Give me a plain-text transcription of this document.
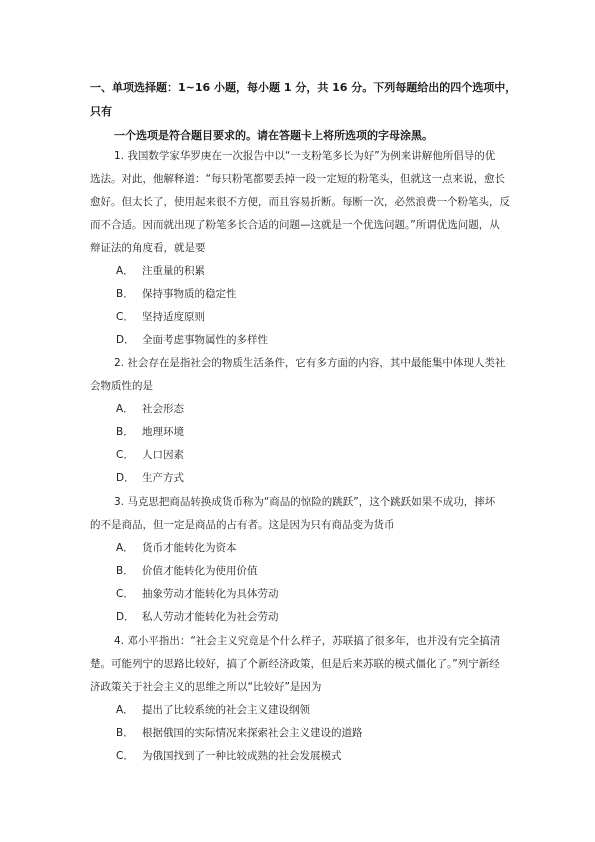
一、单项选择题：1~16 小题，每小题 1 分，共 16 分。下列每题给出的四个选项中，只有
一个选项是符合题目要求的。请在答题卡上将所选项的字母涂黑。
1. 我国数学家华罗庚在一次报告中以“一支粉笔多长为好”为例来讲解他所倡导的优
选法。对此，他解释道：“每只粉笔都要丢掉一段一定短的粉笔头，但就这一点来说，愈长
愈好。但太长了，使用起来很不方便，而且容易折断。每断一次，必然浪费一个粉笔头，反
而不合适。因而就出现了粉笔多长合适的问题—这就是一个优选问题。”所谓优选问题，从
辩证法的角度看，就是要
A． 注重量的积累
B． 保持事物质的稳定性
C． 坚持适度原则
D． 全面考虑事物属性的多样性
2. 社会存在是指社会的物质生活条件，它有多方面的内容，其中最能集中体现人类社
会物质性的是
A． 社会形态
B． 地理环境
C． 人口因素
D． 生产方式
3. 马克思把商品转换成货币称为“商品的惊险的跳跃”，这个跳跃如果不成功，摔坏
的不是商品，但一定是商品的占有者。这是因为只有商品变为货币
A． 货币才能转化为资本
B． 价值才能转化为使用价值
C． 抽象劳动才能转化为具体劳动
D． 私人劳动才能转化为社会劳动
4. 邓小平指出：“社会主义究竟是个什么样子，苏联搞了很多年，也并没有完全搞清
楚。可能列宁的思路比较好，搞了个新经济政策，但是后来苏联的模式僵化了。”列宁新经
济政策关于社会主义的思维之所以“比较好”是因为
A． 提出了比较系统的社会主义建设纲领
B． 根据俄国的实际情况来探索社会主义建设的道路
C． 为俄国找到了一种比较成熟的社会发展模式
